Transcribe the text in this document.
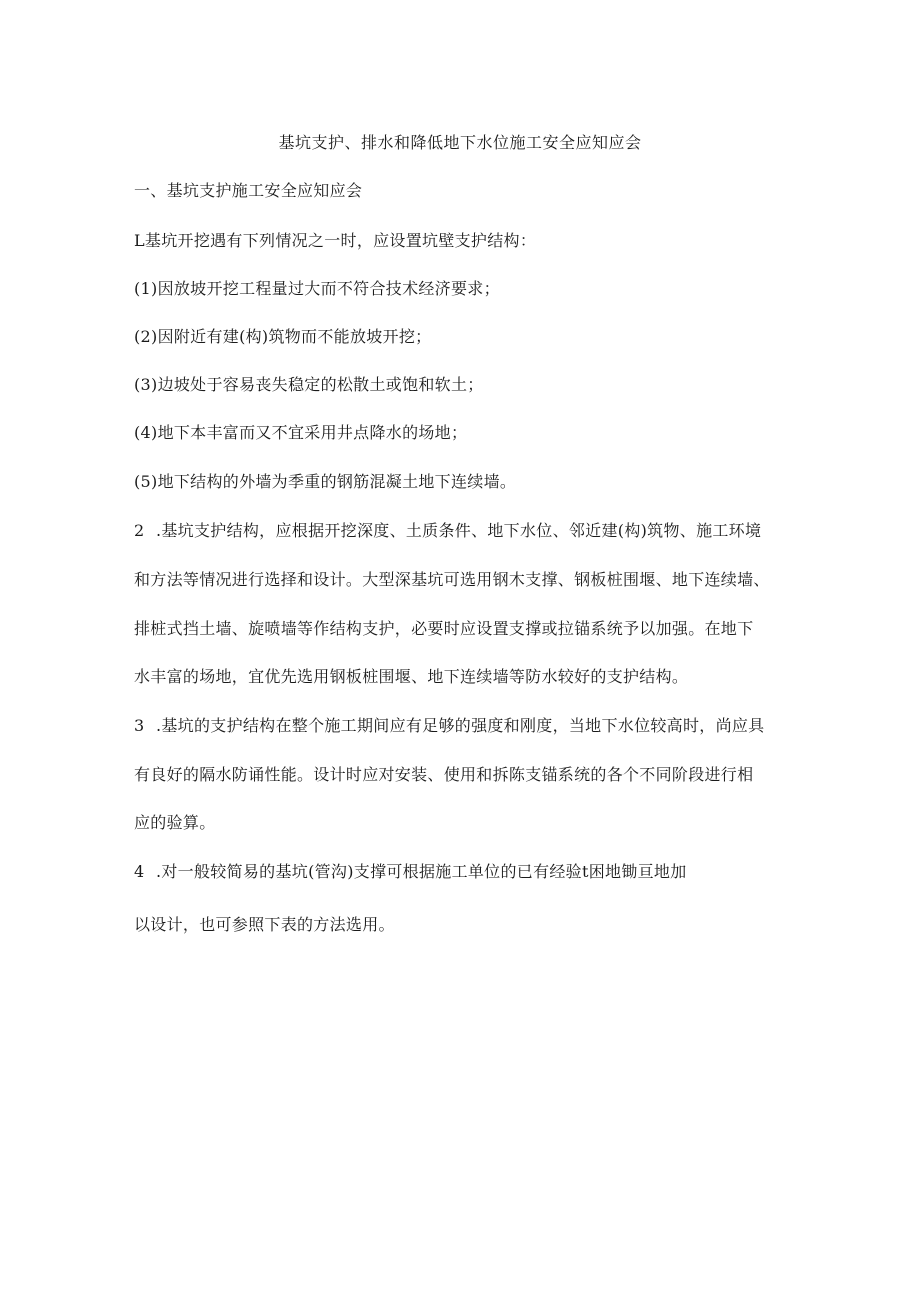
基坑支护、排水和降低地下水位施工安全应知应会
一、基坑支护施工安全应知应会
L基坑开挖遇有下列情况之一时，应设置坑壁支护结构：
(1)因放坡开挖工程量过大而不符合技术经济要求；
(2)因附近有建(构)筑物而不能放坡开挖；
(3)边坡处于容易丧失稳定的松散土或饱和软土；
(4)地下本丰富而又不宜采用井点降水的场地；
(5)地下结构的外墙为季重的钢筋混凝土地下连续墙。
2 .基坑支护结构，应根据开挖深度、土质条件、地下水位、邻近建(构)筑物、施工环境
和方法等情况进行选择和设计。大型深基坑可选用钢木支撑、钢板桩围堰、地下连续墙、
排桩式挡土墙、旋喷墙等作结构支护，必要时应设置支撑或拉锚系统予以加强。在地下
水丰富的场地，宜优先选用钢板桩围堰、地下连续墙等防水较好的支护结构。
3 .基坑的支护结构在整个施工期间应有足够的强度和刚度，当地下水位较高时，尚应具
有良好的隔水防诵性能。设计时应对安装、使用和拆陈支锚系统的各个不同阶段进行相
应的验算。
4 .对一般较简易的基坑(管沟)支撑可根据施工单位的已有经验t困地锄亘地加
以设计，也可参照下表的方法选用。
